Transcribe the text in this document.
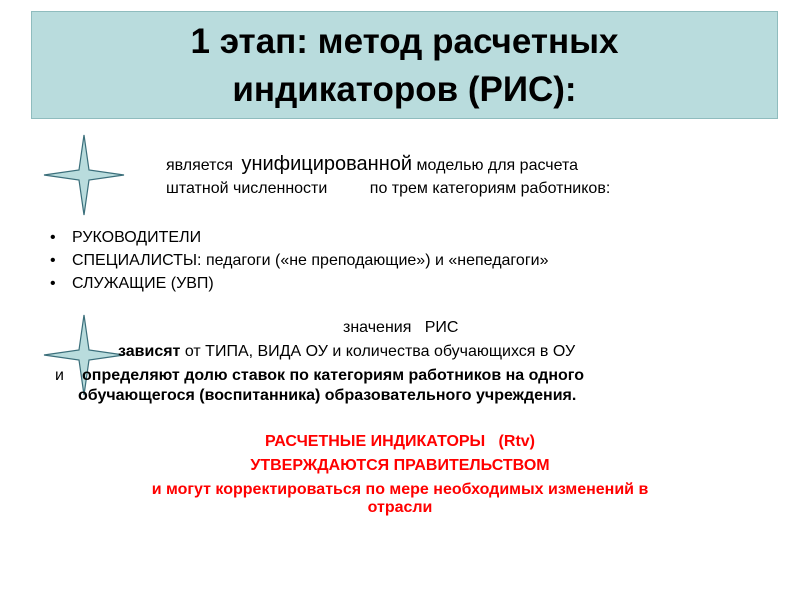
1 этап: метод расчетных
индикаторов (РИС):
является унифицированной моделью для расчета
штатной численности	по трем категориям работников:
• РУКОВОДИТЕЛИ
• СПЕЦИАЛИСТЫ: педагоги («не преподающие») и «непедагоги»
• СЛУЖАЩИЕ (УВП)
значения   РИС
зависят от ТИПА, ВИДА ОУ и количества обучающихся в ОУ
и определяют долю ставок по категориям работников на одного
обучающегося (воспитанника) образовательного учреждения.
РАСЧЕТНЫЕ ИНДИКАТОРЫ   (Rtv)
УТВЕРЖДАЮТСЯ ПРАВИТЕЛЬСТВОМ
и могут корректироваться по мере необходимых изменений в
отрасли
